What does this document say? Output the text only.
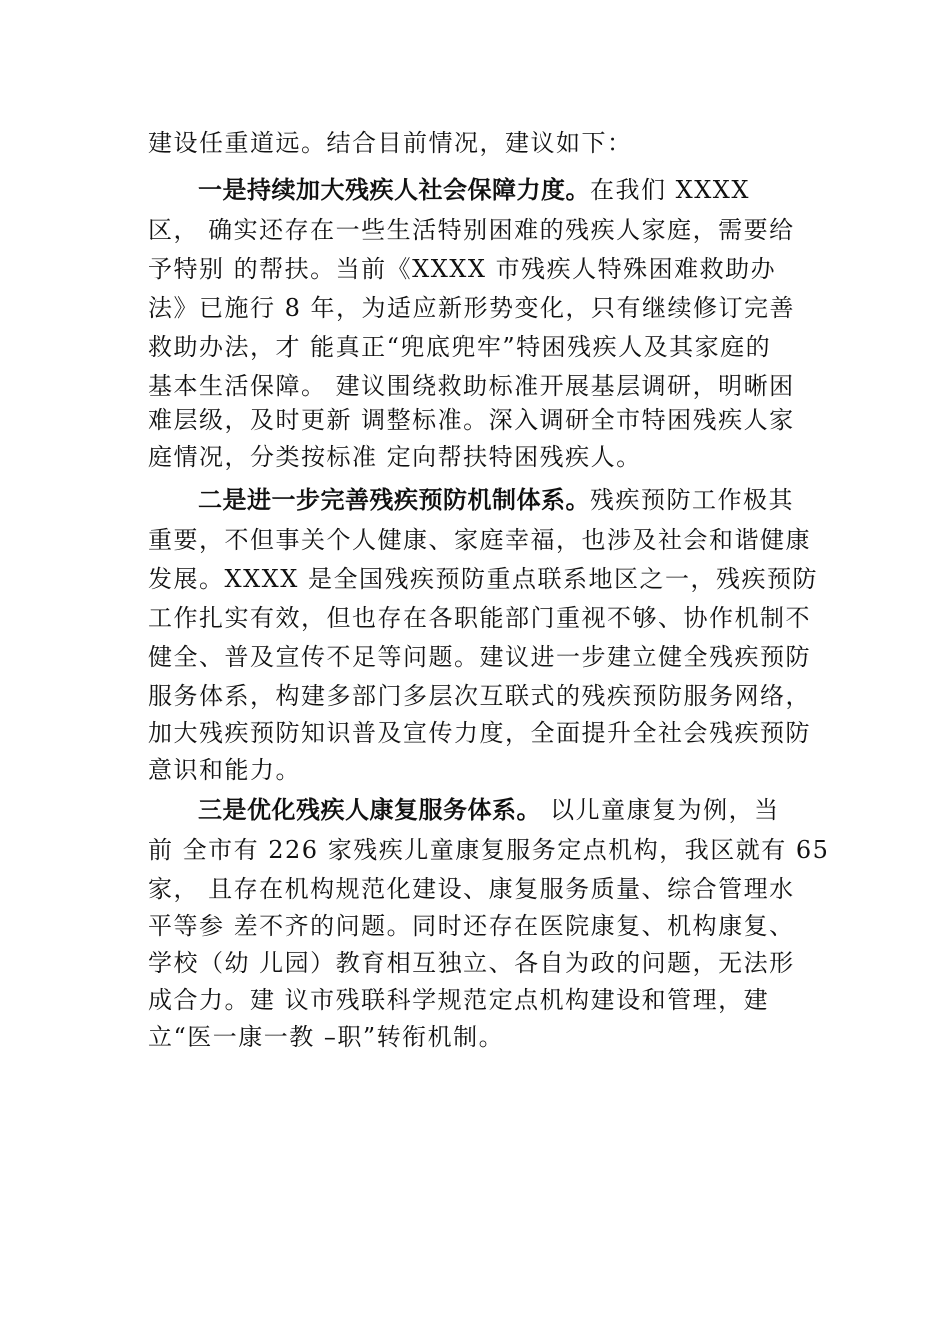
建设任重道远。结合目前情况，建议如下：
一是持续加大残疾人社会保障力度。在我们 XXXX
区， 确实还存在一些生活特别困难的残疾人家庭，需要给
予特别 的帮扶。当前《XXXX 市残疾人特殊困难救助办
法》已施行 8 年，为适应新形势变化，只有继续修订完善
救助办法，才 能真正“兜底兜牢”特困残疾人及其家庭的
基本生活保障。 建议围绕救助标准开展基层调研，明晰困
难层级，及时更新 调整标准。深入调研全市特困残疾人家
庭情况，分类按标准 定向帮扶特困残疾人。
二是进一步完善残疾预防机制体系。残疾预防工作极其
重要，不但事关个人健康、家庭幸福，也涉及社会和谐健康
发展。XXXX 是全国残疾预防重点联系地区之一，残疾预防
工作扎实有效，但也存在各职能部门重视不够、协作机制不
健全、普及宣传不足等问题。建议进一步建立健全残疾预防
服务体系，构建多部门多层次互联式的残疾预防服务网络，
加大残疾预防知识普及宣传力度，全面提升全社会残疾预防
意识和能力。
三是优化残疾人康复服务体系。 以儿童康复为例，当
前 全市有 226 家残疾儿童康复服务定点机构，我区就有 65
家， 且存在机构规范化建设、康复服务质量、综合管理水
平等参 差不齐的问题。同时还存在医院康复、机构康复、
学校（幼 儿园）教育相互独立、各自为政的问题，无法形
成合力。建 议市残联科学规范定点机构建设和管理，建
立“医一康一教 –职”转衔机制。
